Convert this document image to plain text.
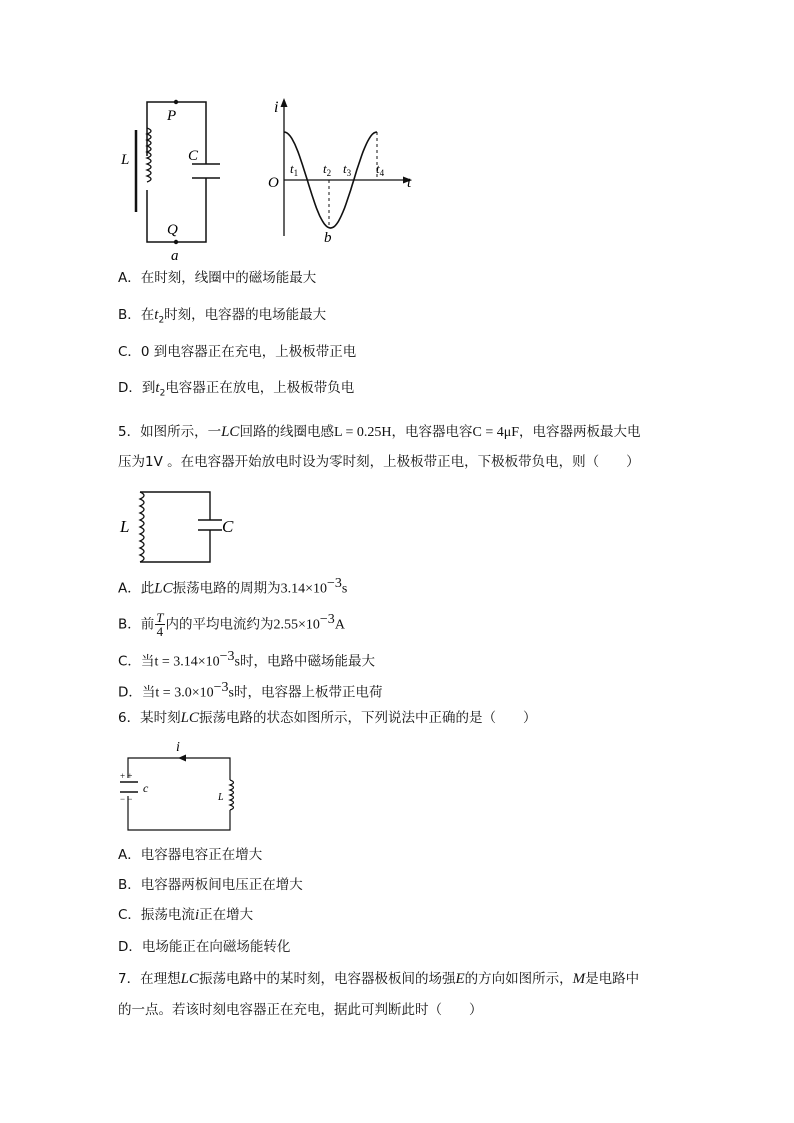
L	C
P
Q
a
i
O	t
$t_1$ $t_2$ $t_3$ $t_4$
b
A．在时刻，线圈中的磁场能最大
B．在$t_2$时刻，电容器的电场能最大
C．0 到电容器正在充电，上极板带正电
D．到$t_2$电容器正在放电，上极板带负电
5．如图所示，一LC回路的线圈电感L = 0.25H，电容器电容C = 4μF，电容器两板最大电
压为1V 。在电容器开始放电时设为零时刻，上极板带正电，下极板带负电，则（　　）
L	C
A．此LC振荡电路的周期为$3.14\times 10^{-3}s$
B．前 $\frac{T}{4}$ 内的平均电流约为$2.55\times 10^{-3}A$
C．当$t = 3.14\times 10^{-3}s$时，电路中磁场能最大
D．当$t = 3.0\times 10^{-3}s$时，电容器上板带正电荷
6．某时刻LC振荡电路的状态如图所示，下列说法中正确的是（　　）
i
+ +
− −
c
L
A．电容器电容正在增大
B．电容器两板间电压正在增大
C．振荡电流i正在增大
D．电场能正在向磁场能转化
7．在理想LC振荡电路中的某时刻，电容器极板间的场强E的方向如图所示，M是电路中
的一点。若该时刻电容器正在充电，据此可判断此时（　　）
